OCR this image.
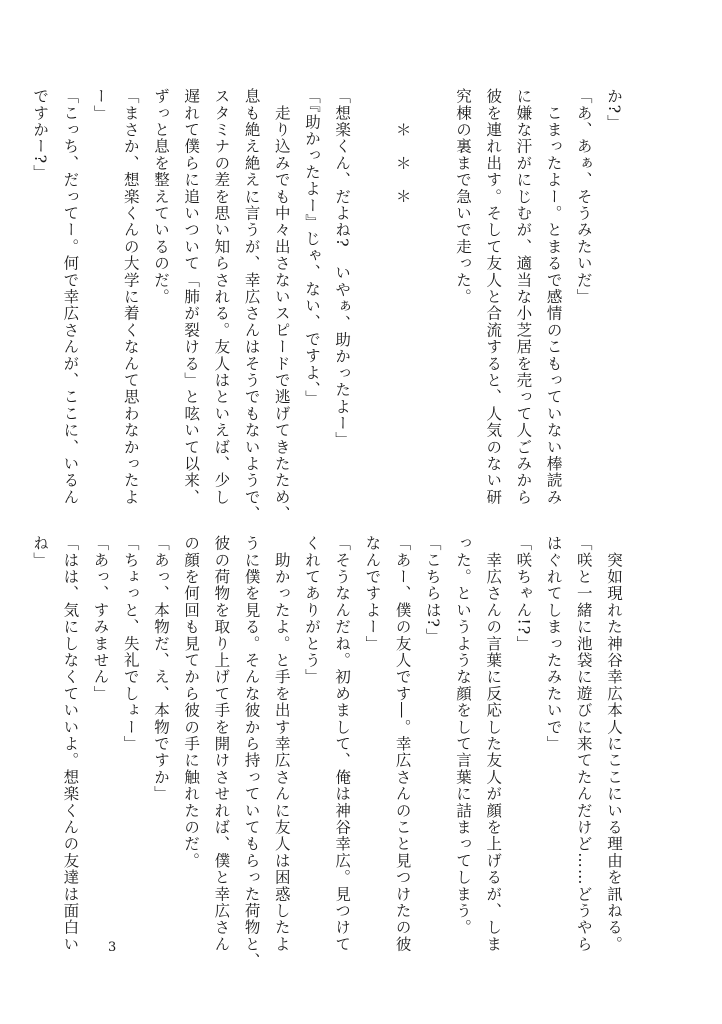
か?」
「あ、あぁ、そうみたいだ」
　こまったよー。とまるで感情のこもっていない棒読み
に嫌な汗がにじむが、適当な小芝居を売って人ごみから
彼を連れ出す。そして友人と合流すると、人気のない研
究棟の裏まで急いで走った。

　　＊　＊　＊

「想楽くん、だよね?　いやぁ、助かったよー」
「『助かったよー』じゃ、ない、ですよ、」
　走り込みでも中々出さないスピードで逃げてきたため、
息も絶え絶えに言うが、幸広さんはそうでもないようで、
スタミナの差を思い知らされる。友人はといえば、少し
遅れて僕らに追いついて「肺が裂ける」と呟いて以来、
ずっと息を整えているのだ。
「まさか、想楽くんの大学に着くなんて思わなかったよ
ー」
「こっち、だってー。何で幸広さんが、ここに、いるん
ですかー?」
　突如現れた神谷幸広本人にここにいる理由を訊ねる。
「咲と一緒に池袋に遊びに来てたんだけど……どうやら
はぐれてしまったみたいで」
「咲ちゃん!?」
　幸広さんの言葉に反応した友人が顔を上げるが、しま
った。というような顔をして言葉に詰まってしまう。
「こちらは?」
「あー、僕の友人です―。幸広さんのこと見つけたの彼
なんですよー」
「そうなんだね。初めまして、俺は神谷幸広。見つけて
くれてありがとう」
　助かったよ。と手を出す幸広さんに友人は困惑したよ
うに僕を見る。そんな彼から持っていてもらった荷物と、
彼の荷物を取り上げて手を開けさせれば、僕と幸広さん
の顔を何回も見てから彼の手に触れたのだ。
「あっ、本物だ、え、本物ですか」
「ちょっと、失礼でしょー」
「あっ、すみません」
「はは、気にしなくていいよ。想楽くんの友達は面白い
ね」
3
